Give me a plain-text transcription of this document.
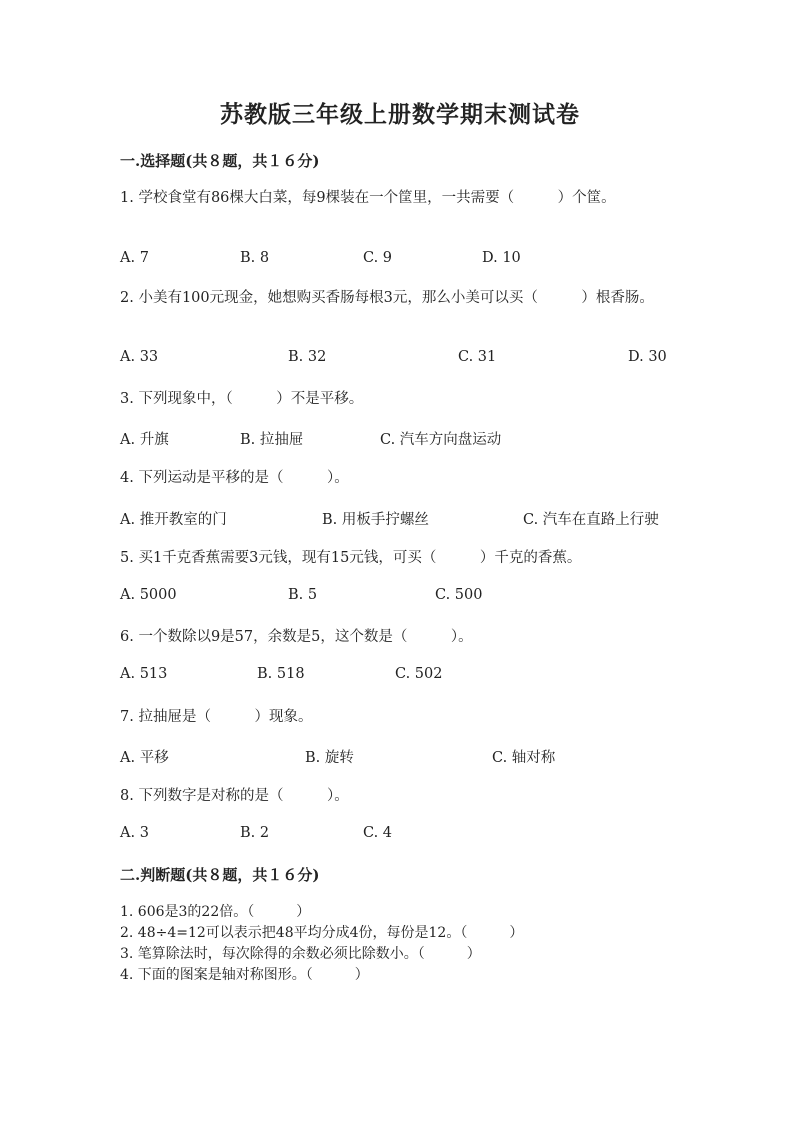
苏教版三年级上册数学期末测试卷
一.选择题(共８题，共１６分)
1. 学校食堂有86棵大白菜，每9棵装在一个筐里，一共需要（　　　）个筐。
A. 7	B. 8	C. 9	D. 10
2. 小美有100元现金，她想购买香肠每根3元，那么小美可以买（　　　）根香肠。
A. 33	B. 32	C. 31	D. 30
3. 下列现象中，（　　　）不是平移。
A. 升旗	B. 拉抽屉	C. 汽车方向盘运动
4. 下列运动是平移的是（　　　）。
A. 推开教室的门	B. 用板手拧螺丝	C. 汽车在直路上行驶
5. 买1千克香蕉需要3元钱，现有15元钱，可买（　　　）千克的香蕉。
A. 5000	B. 5	C. 500
6. 一个数除以9是57，余数是5，这个数是（　　　）。
A. 513	B. 518	C. 502
7. 拉抽屉是（　　　）现象。
A. 平移	B. 旋转	C. 轴对称
8. 下列数字是对称的是（　　　）。
A. 3	B. 2	C. 4
二.判断题(共８题，共１６分)
1. 606是3的22倍。（　　　）
2. 48÷4=12可以表示把48平均分成4份，每份是12。（　　　）
3. 笔算除法时，每次除得的余数必须比除数小。（　　　）
4. 下面的图案是轴对称图形。（　　　）
